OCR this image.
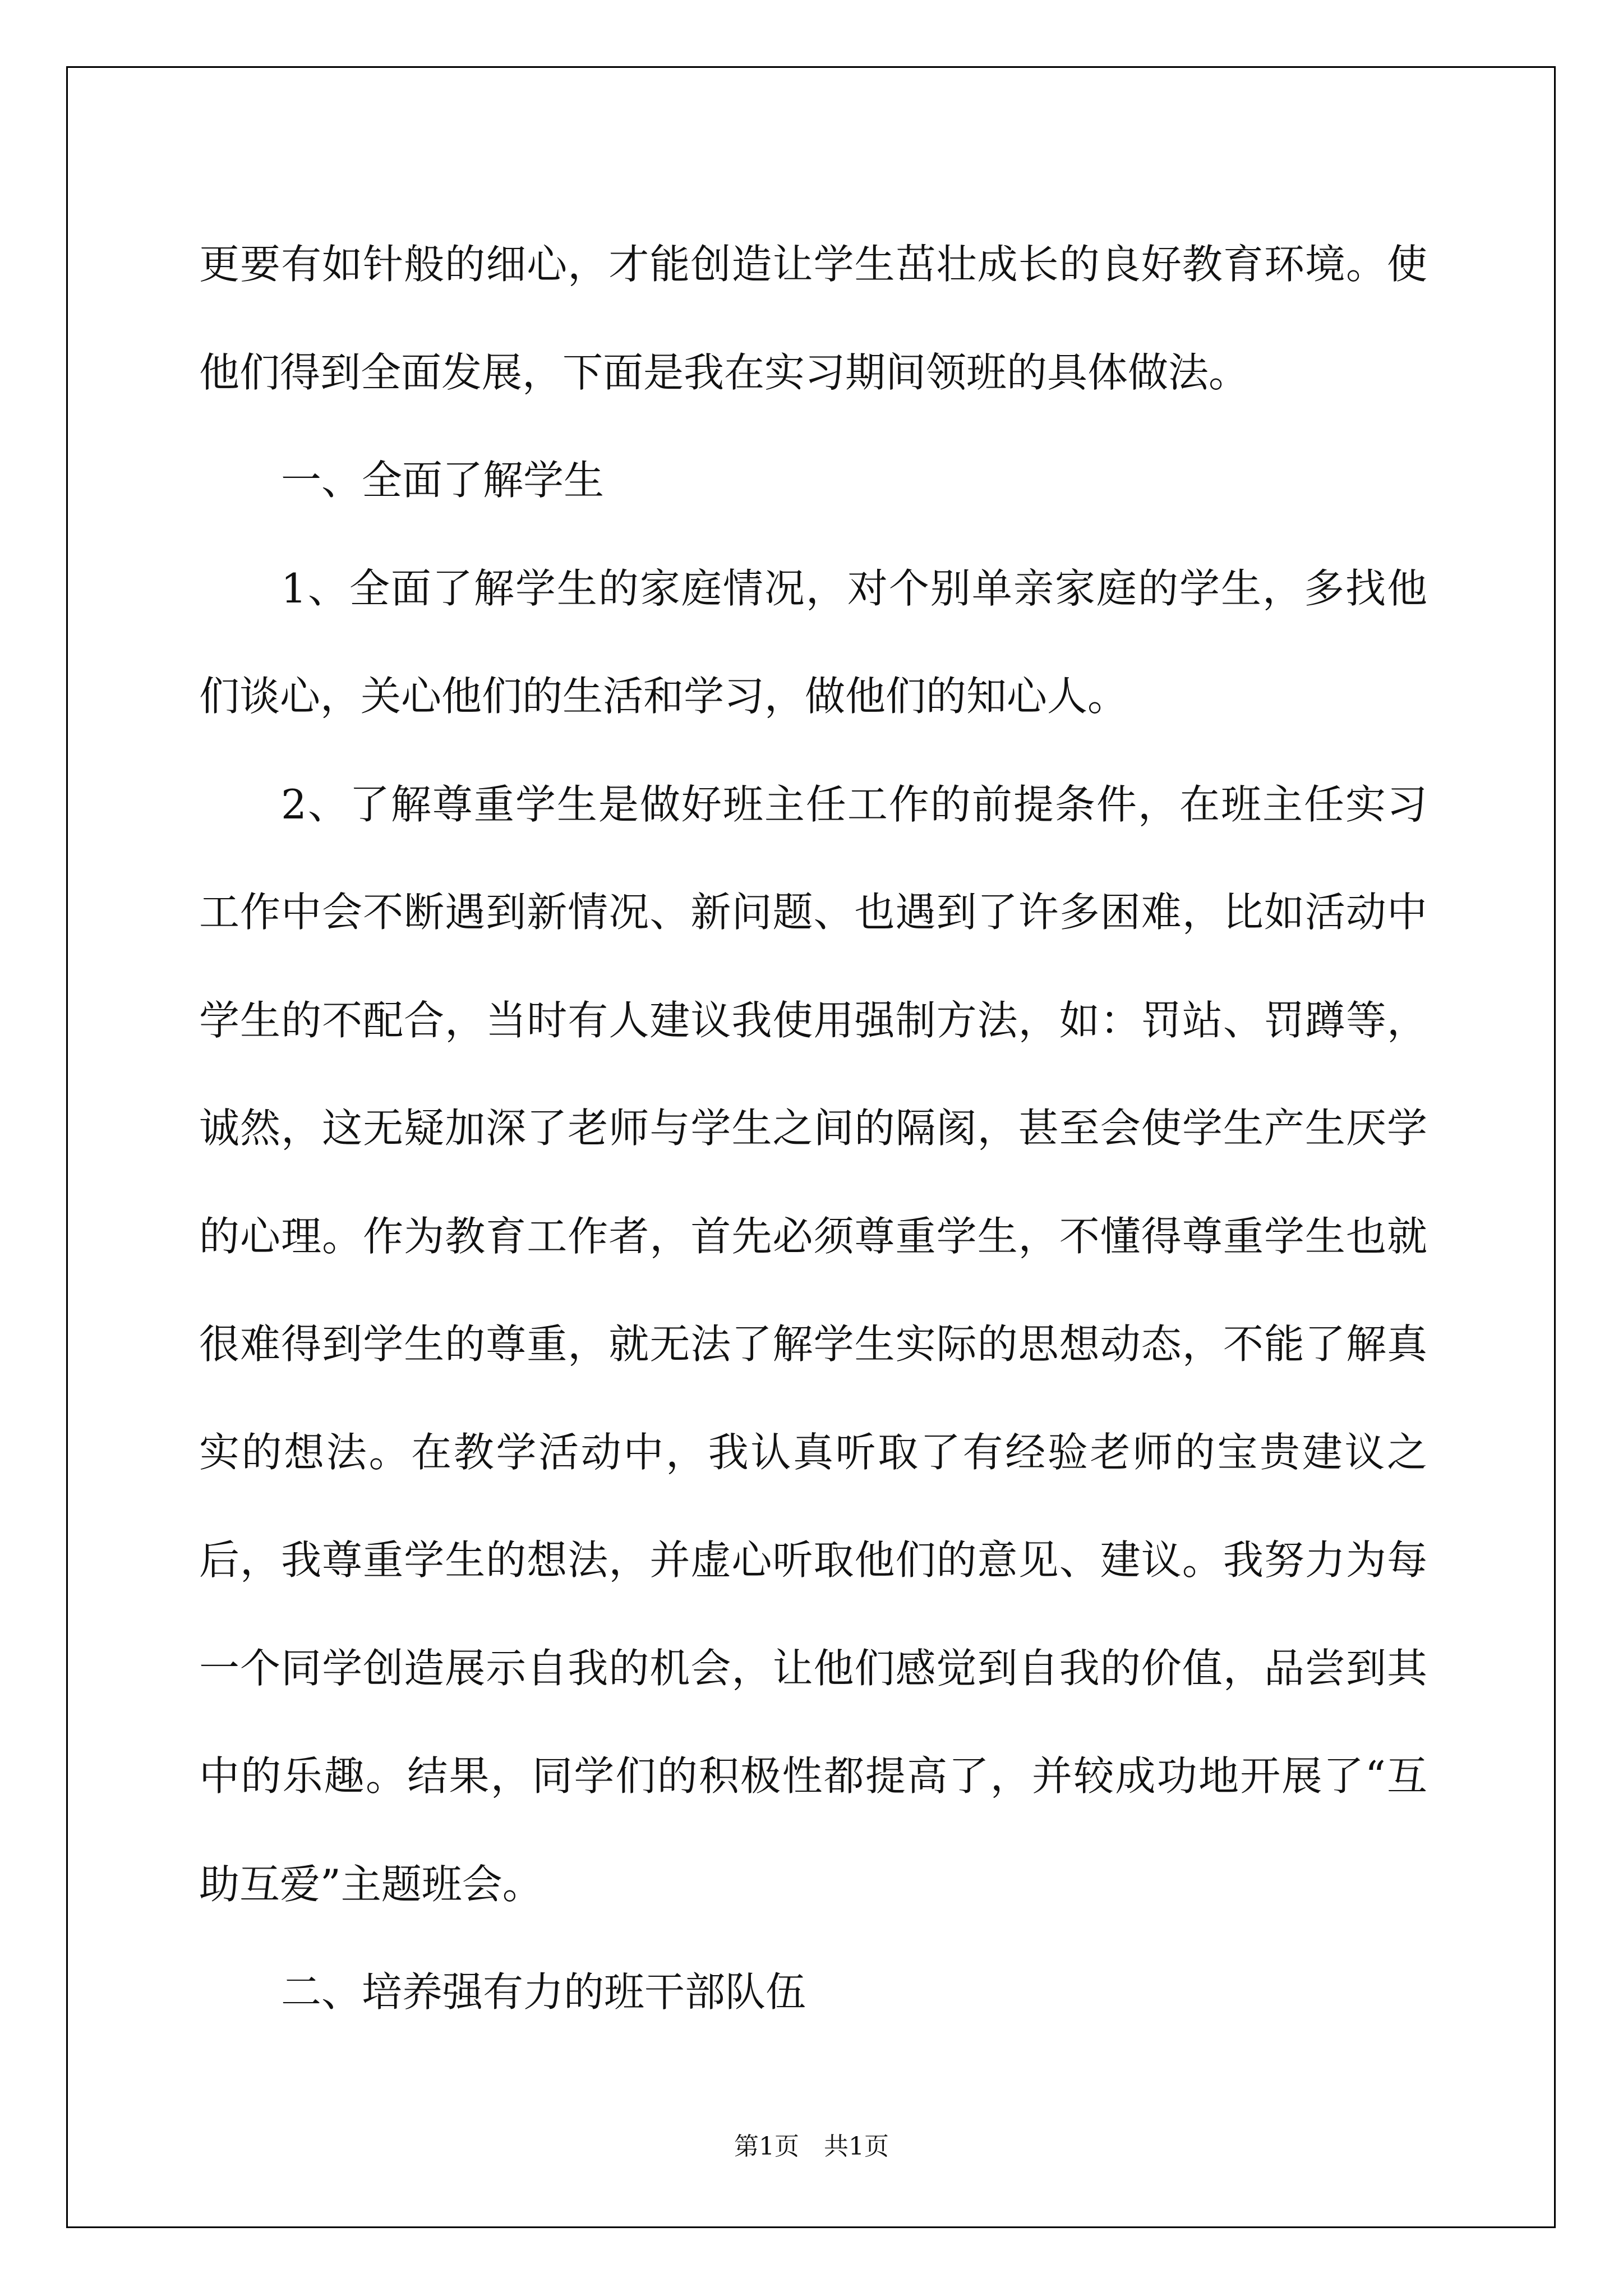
更要有如针般的细心，才能创造让学生茁壮成长的良好教育环境。使他们得到全面发展，下面是我在实习期间领班的具体做法。

一、全面了解学生

1、全面了解学生的家庭情况，对个别单亲家庭的学生，多找他们谈心，关心他们的生活和学习，做他们的知心人。

2、了解尊重学生是做好班主任工作的前提条件，在班主任实习工作中会不断遇到新情况、新问题、也遇到了许多困难，比如活动中学生的不配合，当时有人建议我使用强制方法，如：罚站、罚蹲等，诚然，这无疑加深了老师与学生之间的隔阂，甚至会使学生产生厌学的心理。作为教育工作者，首先必须尊重学生，不懂得尊重学生也就很难得到学生的尊重，就无法了解学生实际的思想动态，不能了解真实的想法。在教学活动中，我认真听取了有经验老师的宝贵建议之后，我尊重学生的想法，并虚心听取他们的意见、建议。我努力为每一个同学创造展示自我的机会，让他们感觉到自我的价值，品尝到其中的乐趣。结果，同学们的积极性都提高了，并较成功地开展了“互助互爱”主题班会。

二、培养强有力的班干部队伍

第1页　共1页
